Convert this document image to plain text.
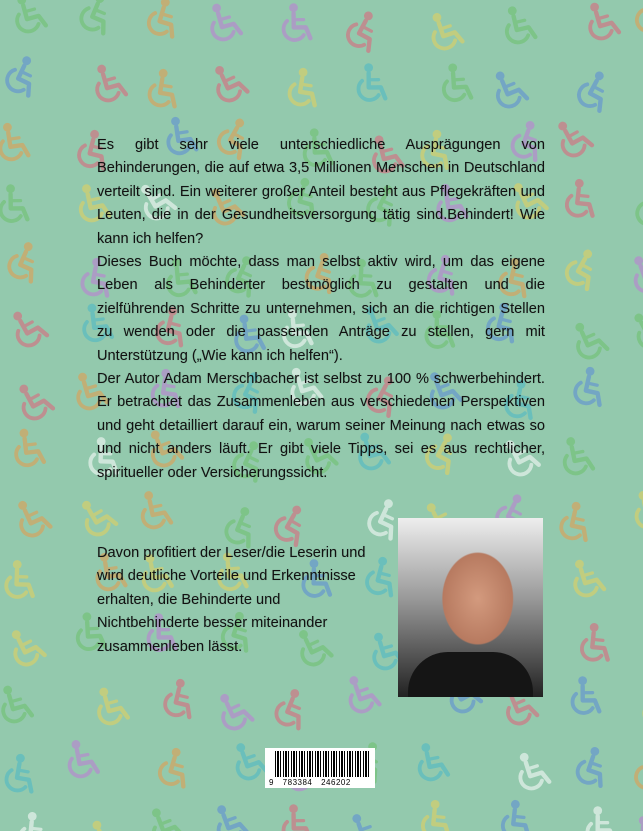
Es gibt sehr viele unterschiedliche Ausprägungen von Behinderungen, die auf etwa 3,5 Millionen Menschen in Deutschland verteilt sind. Ein weiterer großer Anteil besteht aus Pflegekräften und Leuten, die in der Gesundheitsversorgung tätig sind.Behindert! Wie kann ich helfen?

Dieses Buch möchte, dass man selbst aktiv wird, um das eigene Leben als Behinderter bestmöglich zu gestalten und die zielführenden Schritte zu unternehmen, sich an die richtigen Stellen zu wenden oder die passenden Anträge zu stellen, gern mit Unterstützung („Wie kann ich helfen“).

Der Autor Adam Merschbacher ist selbst zu 100 % schwerbehindert. Er betrachtet das Zusammenleben aus verschiedenen Perspektiven und geht detailliert darauf ein, warum seiner Meinung nach etwas so und nicht anders läuft. Er gibt viele Tipps, sei es aus rechtlicher, spiritueller oder Versicherungssicht.

Davon profitiert der Leser/die Leserin und wird deutliche Vorteile und Erkenntnisse erhalten, die Behinderte und Nichtbehinderte besser miteinander zusammenleben lässt.
9 783384 246202
